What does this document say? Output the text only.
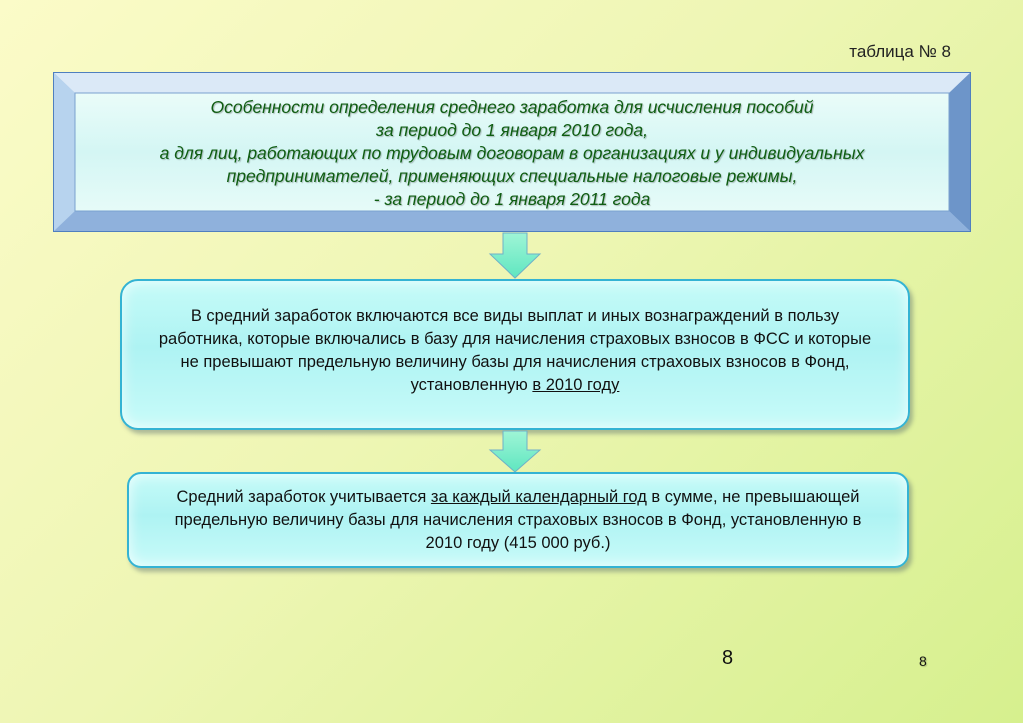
таблица № 8
Особенности определения среднего заработка для исчисления пособий
за период до 1 января 2010 года,
а для лиц, работающих по трудовым договорам в организациях и у индивидуальных
предпринимателей, применяющих специальные налоговые режимы,
- за период до 1 января 2011 года
В средний заработок включаются все виды выплат и иных вознаграждений в пользу работника, которые включались в базу для начисления страховых взносов в ФСС и которые не превышают предельную величину базы для начисления страховых взносов в Фонд, установленную в 2010 году
Средний заработок учитывается за каждый календарный год в сумме, не превышающей предельную величину базы для начисления страховых взносов в Фонд, установленную в 2010 году (415 000 руб.)
8	8
